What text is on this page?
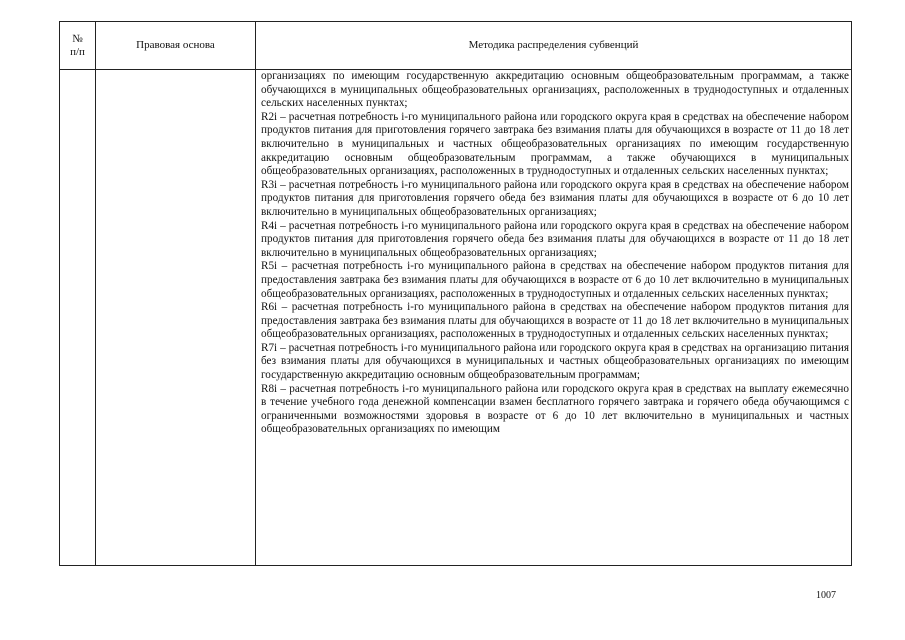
№
п/п
Правовая основа	Методика распределения субвенций

организациях по имеющим государственную аккредитацию основным общеобразовательным программам, а также обучающихся в муниципальных общеобразовательных организациях, расположенных в труднодоступных и отдаленных сельских населенных пунктах;

R2i – расчетная потребность i-го муниципального района или городского округа края в средствах на обеспечение набором продуктов питания для приготовления горячего завтрака без взимания платы для обучающихся в возрасте от 11 до 18 лет включительно в муниципальных и частных общеобразовательных организациях по имеющим государственную аккредитацию основным общеобразовательным программам, а также обучающихся в муниципальных общеобразовательных организациях, расположенных в труднодоступных и отдаленных сельских населенных пунктах;

R3i – расчетная потребность i-го муниципального района или городского округа края в средствах на обеспечение набором продуктов питания для приготовления горячего обеда без взимания платы для обучающихся в возрасте от 6 до 10 лет включительно в муниципальных общеобразовательных организациях;

R4i – расчетная потребность i-го муниципального района или городского округа края в средствах на обеспечение набором продуктов питания для приготовления горячего обеда без взимания платы для обучающихся в возрасте от 11 до 18 лет включительно в муниципальных общеобразовательных организациях;

R5i – расчетная потребность i-го муниципального района в средствах на обеспечение набором продуктов питания для предоставления завтрака без взимания платы для обучающихся в возрасте от 6 до 10 лет включительно в муниципальных общеобразовательных организациях, расположенных в труднодоступных и отдаленных сельских населенных пунктах;

R6i – расчетная потребность i-го муниципального района в средствах на обеспечение набором продуктов питания для предоставления завтрака без взимания платы для обучающихся в возрасте от 11 до 18 лет включительно в муниципальных общеобразовательных организациях, расположенных в труднодоступных и отдаленных сельских населенных пунктах;

R7i – расчетная потребность i-го муниципального района или городского округа края в средствах на организацию питания без взимания платы для обучающихся в муниципальных и частных общеобразовательных организациях по имеющим государственную аккредитацию основным общеобразовательным программам;

R8i – расчетная потребность i-го муниципального района или городского округа края в средствах на выплату ежемесячно в течение учебного года денежной компенсации взамен бесплатного горячего завтрака и горячего обеда обучающимся с ограниченными возможностями здоровья в возрасте от 6 до 10 лет включительно в муниципальных и частных общеобразовательных организациях по имеющим

1007
